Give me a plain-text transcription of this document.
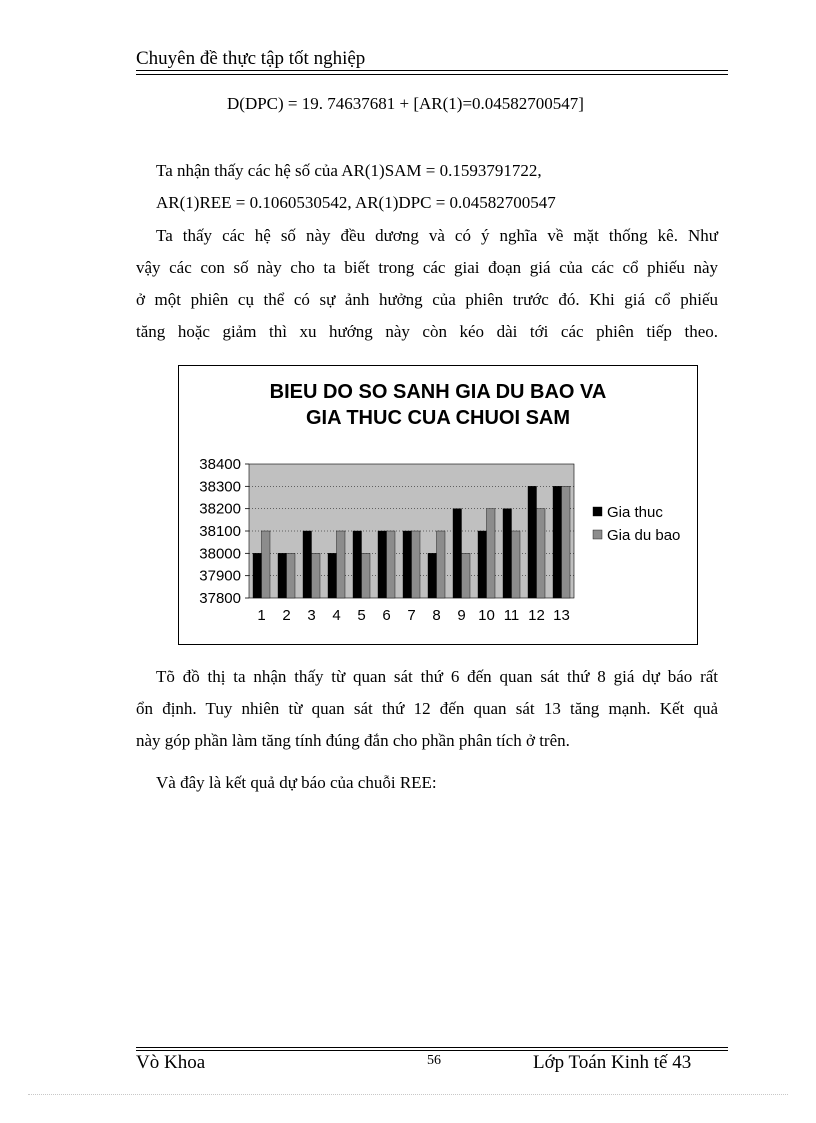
Chuyên đề thực tập tốt nghiệp
D(DPC) = 19. 74637681 + [AR(1)=0.04582700547]
Ta nhận thấy các hệ số của AR(1)SAM = 0.1593791722,
AR(1)REE = 0.1060530542, AR(1)DPC = 0.04582700547
Ta thấy các hệ số này đều dương và có ý nghĩa về mặt thống kê. Như
vậy các con số này cho ta biết trong các giai đoạn giá của các cổ phiếu này
ở một phiên cụ thể có sự ảnh hưởng của phiên trước đó. Khi giá cổ phiếu
tăng hoặc giảm thì xu hướng này còn kéo dài tới các phiên tiếp theo.
BIEU DO SO SANH GIA DU BAO VA
GIA THUC CUA CHUOI SAM
37800
37900
38000
38100
38200
38300
38400
1 2 3 4 5 6 7 8 9 10 11 12 13
Gia thuc
Gia du bao
Tõ đồ thị ta nhận thấy từ quan sát thứ 6 đến quan sát thứ 8 giá dự báo rất
ổn định. Tuy nhiên từ quan sát thứ 12 đến quan sát 13 tăng mạnh. Kết quả
này góp phần làm tăng tính đúng đắn cho phần phân tích ở trên.
Và đây là kết quả dự báo của chuỗi REE:
Vò Khoa	56	Lớp Toán Kinh tế 43
